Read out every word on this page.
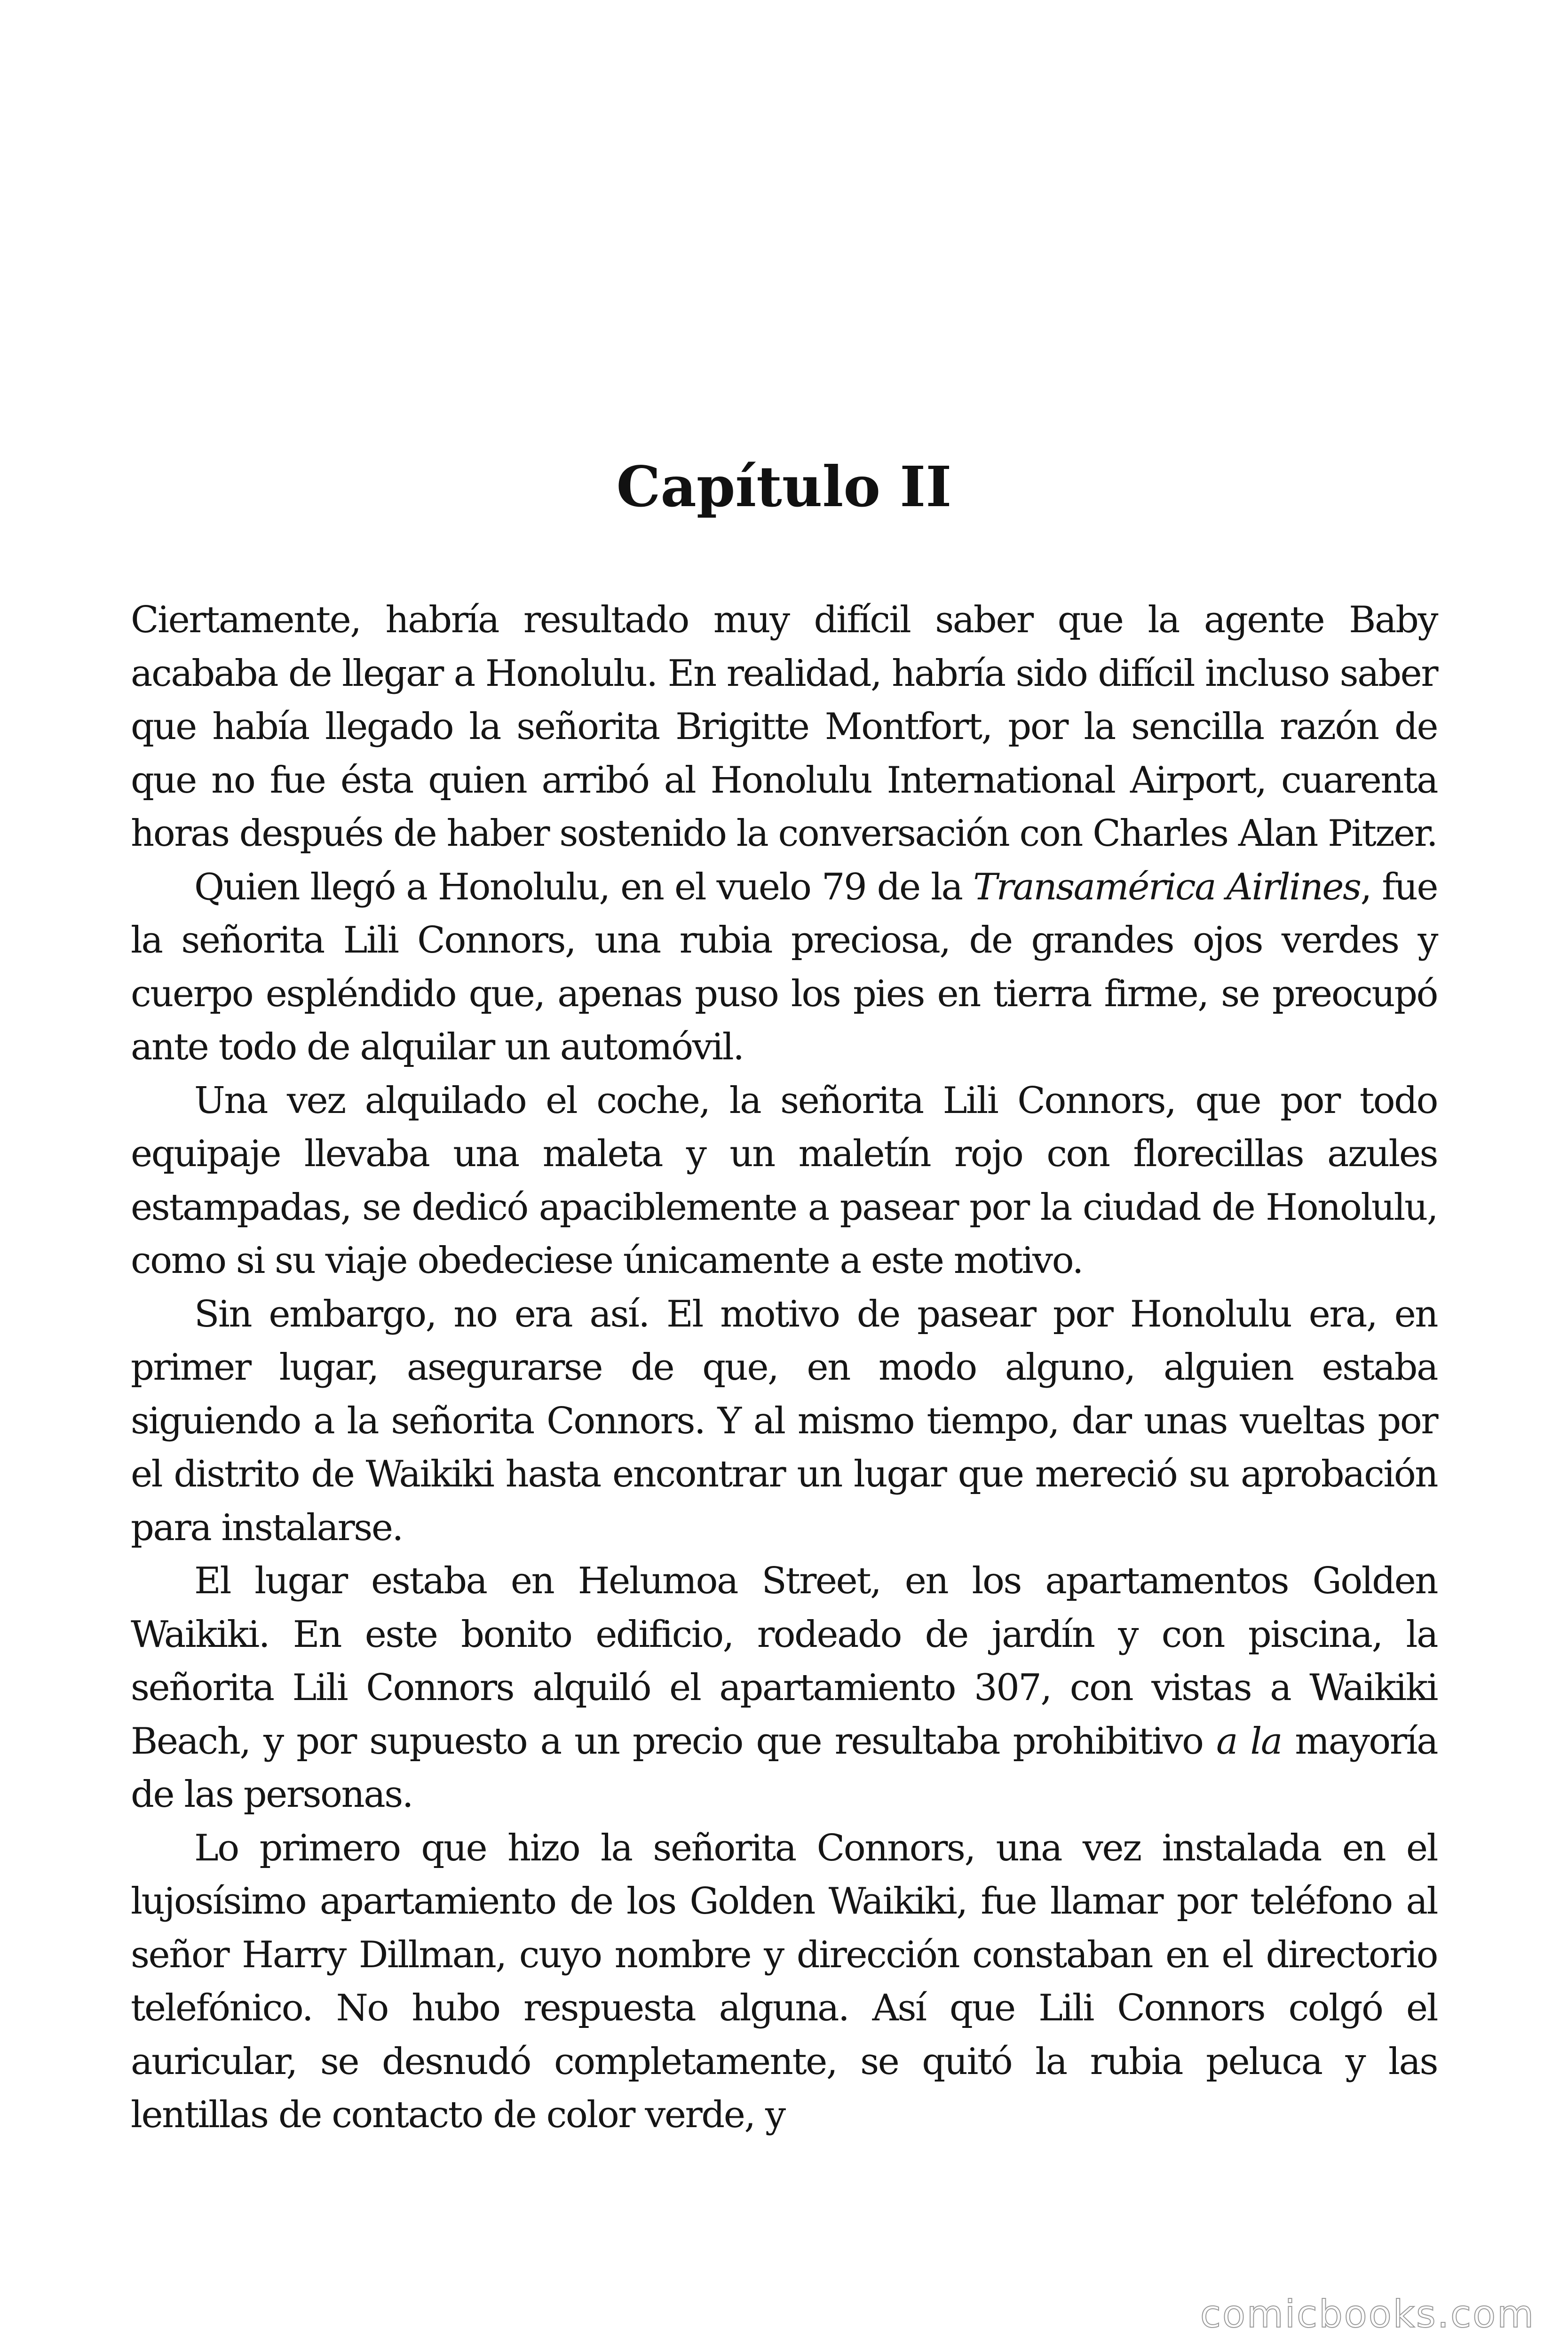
Capítulo II

Ciertamente, habría resultado muy difícil saber que la agente Baby acababa de llegar a Honolulu. En realidad, habría sido difícil incluso saber que había llegado la señorita Brigitte Montfort, por la sencilla razón de que no fue ésta quien arribó al Honolulu International Airport, cuarenta horas después de haber sostenido la conversación con Charles Alan Pitzer.

Quien llegó a Honolulu, en el vuelo 79 de la Transamérica Airlines, fue la señorita Lili Connors, una rubia preciosa, de grandes ojos verdes y cuerpo espléndido que, apenas puso los pies en tierra firme, se preocupó ante todo de alquilar un automóvil.

Una vez alquilado el coche, la señorita Lili Connors, que por todo equipaje llevaba una maleta y un maletín rojo con florecillas azules estampadas, se dedicó apaciblemente a pasear por la ciudad de Honolulu, como si su viaje obedeciese únicamente a este motivo.

Sin embargo, no era así. El motivo de pasear por Honolulu era, en primer lugar, asegurarse de que, en modo alguno, alguien estaba siguiendo a la señorita Connors. Y al mismo tiempo, dar unas vueltas por el distrito de Waikiki hasta encontrar un lugar que mereció su aprobación para instalarse.

El lugar estaba en Helumoa Street, en los apartamentos Golden Waikiki. En este bonito edificio, rodeado de jardín y con piscina, la señorita Lili Connors alquiló el apartamiento 307, con vistas a Waikiki Beach, y por supuesto a un precio que resultaba prohibitivo a la mayoría de las personas.

Lo primero que hizo la señorita Connors, una vez instalada en el lujosísimo apartamiento de los Golden Waikiki, fue llamar por teléfono al señor Harry Dillman, cuyo nombre y dirección constaban en el directorio telefónico. No hubo respuesta alguna. Así que Lili Connors colgó el auricular, se desnudó completamente, se quitó la rubia peluca y las lentillas de contacto de color verde, y

comicbooks.com
